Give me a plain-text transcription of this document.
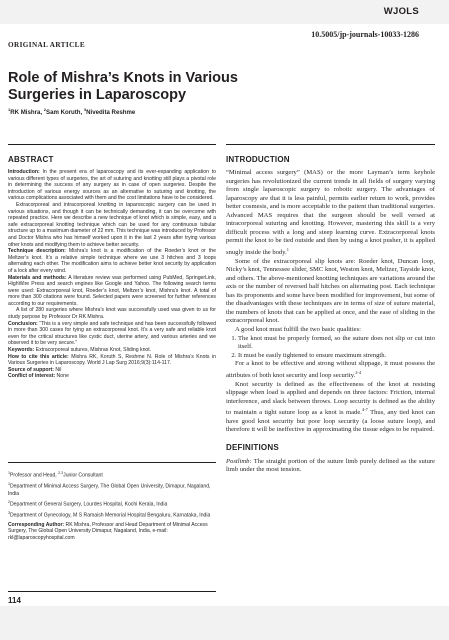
WJOLS
10.5005/jp-journals-10033-1286
ORIGINAL ARTICLE
Role of Mishra’s Knots in Various Surgeries in Laparoscopy
$^1$RK Mishra, $^2$Sam Koruth, $^3$Nivedita Reshme
ABSTRACT

Introduction: In the present era of laparoscopy and its ever-expanding application to various different types of surgeries, the art of suturing and knotting still plays a pivotal role in determining the success of any surgery as in case of open surgeries. Despite the introduction of various energy sources as an alternative to suturing and knotting, the various complications associated with them and the cost limitations have to be considered.

Extracorporeal and intracorporeal knotting in laparoscopic surgery can be used in various situations, and though it can be technically demanding, it can be overcome with repeated practice. Here we describe a new technique of knot which is simple, easy, and a safe extracorporeal knotting technique which can be used for any continuous tubular structure up to a maximum diameter of 22 mm. This technique was introduced by Professor and Doctor Mishra who has himself worked upon it in the last 2 years after trying various other knots and modifying them to achieve better security.

Technique description: Mishra’s knot is a modification of the Roeder’s knot or the Meltzer’s knot. It’s a relative simple technique where we use 3 hitches and 3 loops alternating each other. The modification aims to achieve better knot security by application of a lock after every wind.

Materials and methods: A literature review was performed using PubMed, SpringerLink, HighWire Press and search engines like Google and Yahoo. The following search terms were used: Extracorporeal knot, Roeder’s knot, Meltzer’s knot, Mishra’s knot. A total of more than 300 citations were found. Selected papers were screened for further references according to our requirements.

A list of 280 surgeries where Mishra’s knot was successfully used was given to us for study purpose by Professor Dr RK Mishra.

Conclusion: “This is a very simple and safe technique and has been successfully followed in more than 300 cases for tying an extracorporeal knot. It’s a very safe and reliable knot even for the critical structures like cystic duct, uterine artery, and various arteries and we observed it to be very secure.”

Keywords: Extracorporeal sutures, Mishras Knot, Sliding knot.

How to cite this article: Mishra RK, Koruth S, Reshme N. Role of Mishra’s Knots in Various Surgeries in Laparoscopy. World J Lap Surg 2016;9(3):114-117.

Source of support: Nil

Conflict of interest: None

$^1$Professor and Head, $^{2,3}$Junior Consultant

$^1$Department of Minimal Access Surgery, The Global Open University, Dimapur, Nagaland, India

$^2$Department of General Surgery, Lourdes Hospital, Kochi Kerala, India

$^3$Department of Gynecology, M S Ramaish Memorial Hospital Bengaluru, Karnataka, India

Corresponding Author: RK Mishra, Professor and Head Department of Minimal Access Surgery, The Global Open University Dimapur, Nagaland, India, e-mail: rkl@laparoscopyhospital.com

INTRODUCTION

“Minimal access surgery” (MAS) or the more Layman’s term keyhole surgeries has revolutionized the current trends in all fields of surgery varying from single laparoscopic surgery to robotic surgery. The advantages of laparoscopy are that it is less painful, permits earlier return to work, provides better cosmesis, and is more acceptable to the patient than traditional surgeries. Advanced MAS requires that the surgeon should be well versed at intracorporeal suturing and knotting. However, mastering this skill is a very difficult process with a long and steep learning curve. Extracorporeal knots permit the knot to be tied outside and then by using a knot pusher, it is applied snugly inside the body.$^1$

Some of the extracorporeal slip knots are: Roeder knot, Duncan loop, Nicky’s knot, Tennessee slider, SMC knot, Weston knot, Meltzer, Tayside knot, and others. The above-mentioned knotting techniques are variations around the axis or the number of reversed half hitches on alternating post. Each technique has its proponents and some have been modified for improvement, but some of the disadvantages with these techniques are in terms of size of suture material, the numbers of knots that can be applied at once, and the ease of sliding in the extracorporeal knot.

A good knot must fulfill the two basic qualities:

1. The knot must be properly formed, so the suture does not slip or cut into itself.
2. It must be easily tightened to ensure maximum strength.

For a knot to be effective and strong without slippage, it must possess the attributes of both knot security and loop security.$^{2-4}$

Knot security is defined as the effectiveness of the knot at resisting slippage when load is applied and depends on three factors: Friction, internal interference, and slack between throws. Loop security is defined as the ability to maintain a tight suture loop as a knot is made.$^{4-7}$ Thus, any tied knot can have good knot security but poor loop security (a loose suture loop), and therefore it will be ineffective in approximating the tissue edges to be repaired.

DEFINITIONS

Postlimb: The straight portion of the suture limb purely defined as the suture limb under the most tension.

114
